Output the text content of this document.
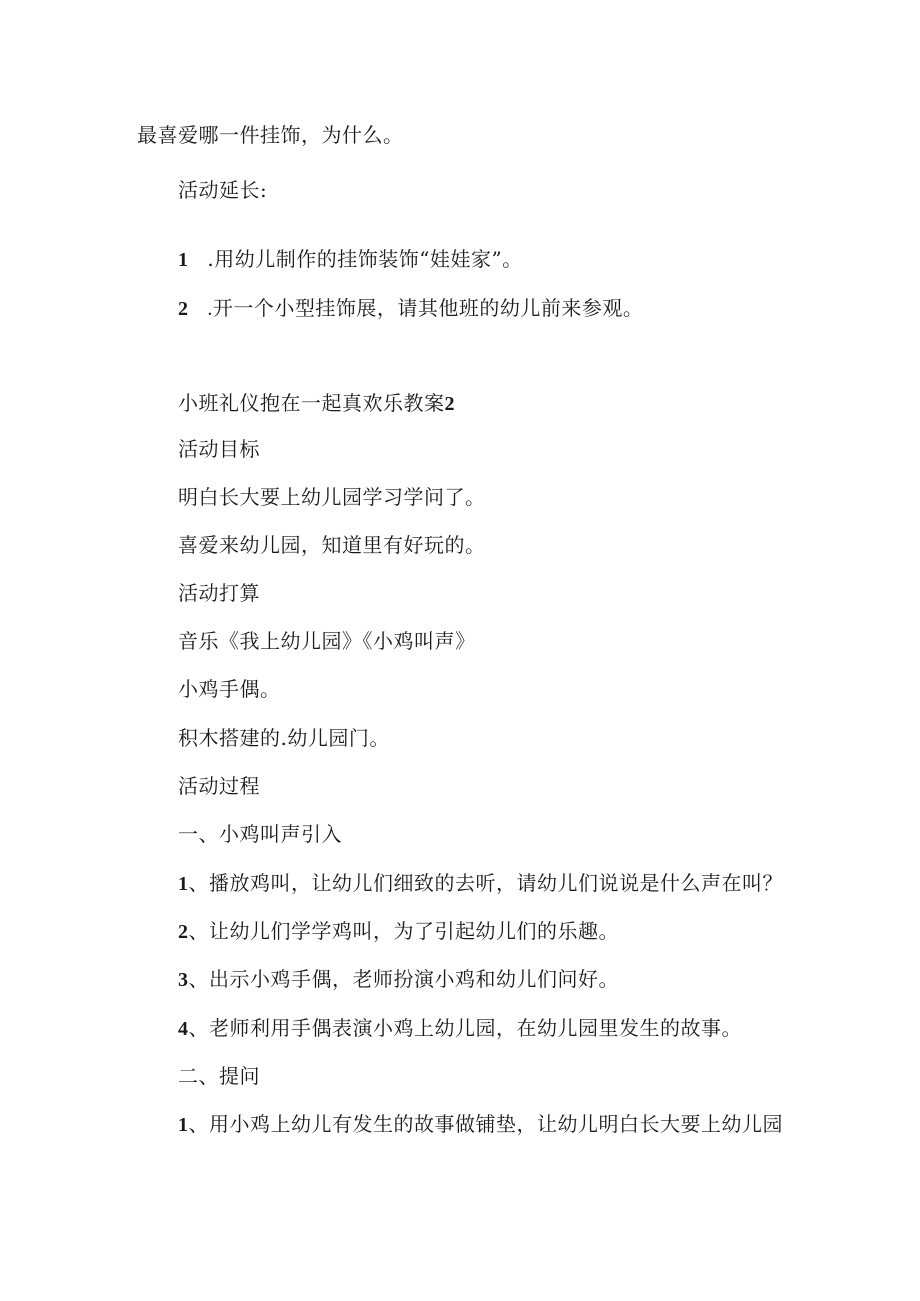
最喜爱哪一件挂饰，为什么。
活动延长:
1 .用幼儿制作的挂饰装饰“娃娃家”。
2 .开一个小型挂饰展，请其他班的幼儿前来参观。
小班礼仪抱在一起真欢乐教案2
活动目标
明白长大要上幼儿园学习学问了。
喜爱来幼儿园，知道里有好玩的。
活动打算
音乐《我上幼儿园》《小鸡叫声》
小鸡手偶。
积木搭建的.幼儿园门。
活动过程
一、小鸡叫声引入
1、播放鸡叫，让幼儿们细致的去听，请幼儿们说说是什么声在叫？
2、让幼儿们学学鸡叫，为了引起幼儿们的乐趣。
3、出示小鸡手偶，老师扮演小鸡和幼儿们问好。
4、老师利用手偶表演小鸡上幼儿园，在幼儿园里发生的故事。
二、提问
1、用小鸡上幼儿有发生的故事做铺垫，让幼儿明白长大要上幼儿园
